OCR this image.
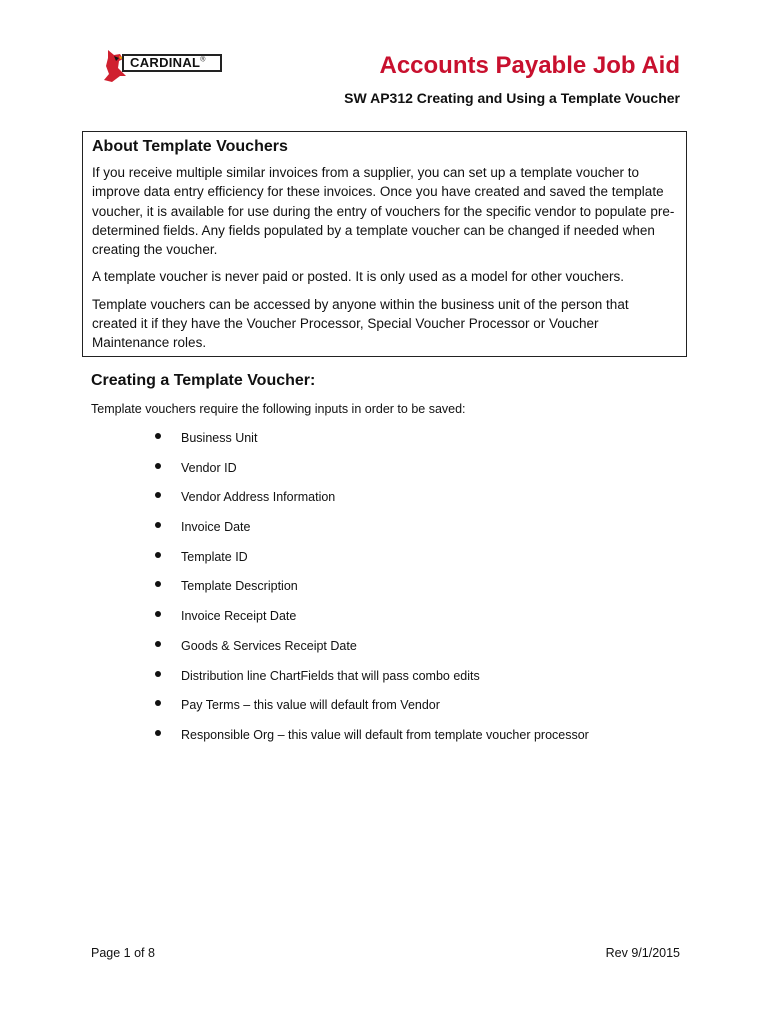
CARDINAL®	Accounts Payable Job Aid
SW AP312 Creating and Using a Template Voucher
About Template Vouchers

If you receive multiple similar invoices from a supplier, you can set up a template voucher to improve data entry efficiency for these invoices. Once you have created and saved the template voucher, it is available for use during the entry of vouchers for the specific vendor to populate pre-determined fields. Any fields populated by a template voucher can be changed if needed when creating the voucher.

A template voucher is never paid or posted. It is only used as a model for other vouchers.

Template vouchers can be accessed by anyone within the business unit of the person that created it if they have the Voucher Processor, Special Voucher Processor or Voucher Maintenance roles.

Creating a Template Voucher:
Template vouchers require the following inputs in order to be saved:
Business Unit
Vendor ID
Vendor Address Information
Invoice Date
Template ID
Template Description
Invoice Receipt Date
Goods & Services Receipt Date
Distribution line ChartFields that will pass combo edits
Pay Terms – this value will default from Vendor
Responsible Org – this value will default from template voucher processor
Page 1 of 8	Rev 9/1/2015
